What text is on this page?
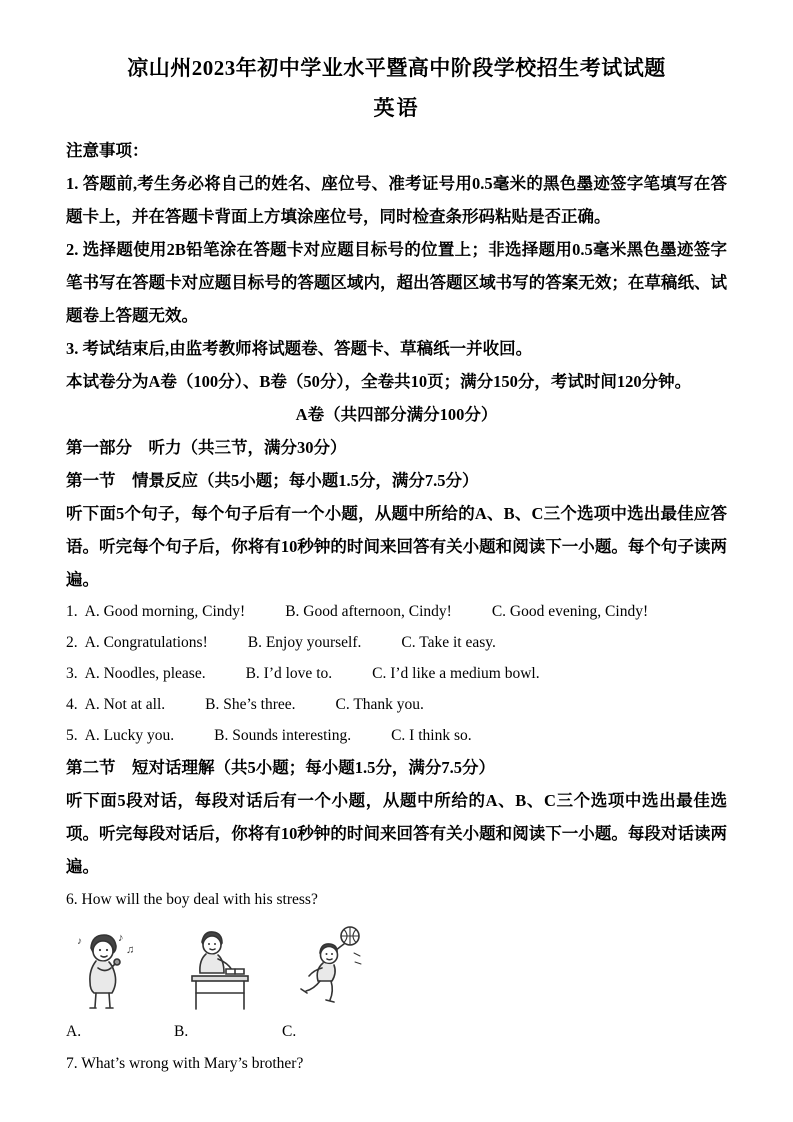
凉山州2023年初中学业水平暨高中阶段学校招生考试试题
英语

注意事项：

1. 答题前,考生务必将自己的姓名、座位号、准考证号用0.5毫米的黑色墨迹签字笔填写在答题卡上，并在答题卡背面上方填涂座位号，同时检查条形码粘贴是否正确。

2. 选择题使用2B铅笔涂在答题卡对应题目标号的位置上；非选择题用0.5毫米黑色墨迹签字笔书写在答题卡对应题目标号的答题区域内，超出答题区域书写的答案无效；在草稿纸、试题卷上答题无效。

3. 考试结束后,由监考教师将试题卷、答题卡、草稿纸一并收回。

本试卷分为A卷（100分）、B卷（50分），全卷共10页；满分150分，考试时间120分钟。

A卷（共四部分满分100分）

第一部分　听力（共三节，满分30分）

第一节　情景反应（共5小题；每小题1.5分，满分7.5分）

听下面5个句子，每个句子后有一个小题，从题中所给的A、B、C三个选项中选出最佳应答语。听完每个句子后，你将有10秒钟的时间来回答有关小题和阅读下一小题。每个句子读两遍。

1. A. Good morning, Cindy!	B. Good afternoon, Cindy!	C. Good evening, Cindy!

2. A. Congratulations!	B. Enjoy yourself.	C. Take it easy.

3. A. Noodles, please.	B. I’d love to.	C. I’d like a medium bowl.

4. A. Not at all.	B. She’s three.	C. Thank you.

5. A. Lucky you.	B. Sounds interesting.	C. I think so.

第二节　短对话理解（共5小题；每小题1.5分，满分7.5分）

听下面5段对话，每段对话后有一个小题，从题中所给的A、B、C三个选项中选出最佳选项。听完每段对话后，你将有10秒钟的时间来回答有关小题和阅读下一小题。每段对话读两遍。

6. How will the boy deal with his stress?

♪
♫
♪
A.	B.	C.

7. What’s wrong with Mary’s brother?
